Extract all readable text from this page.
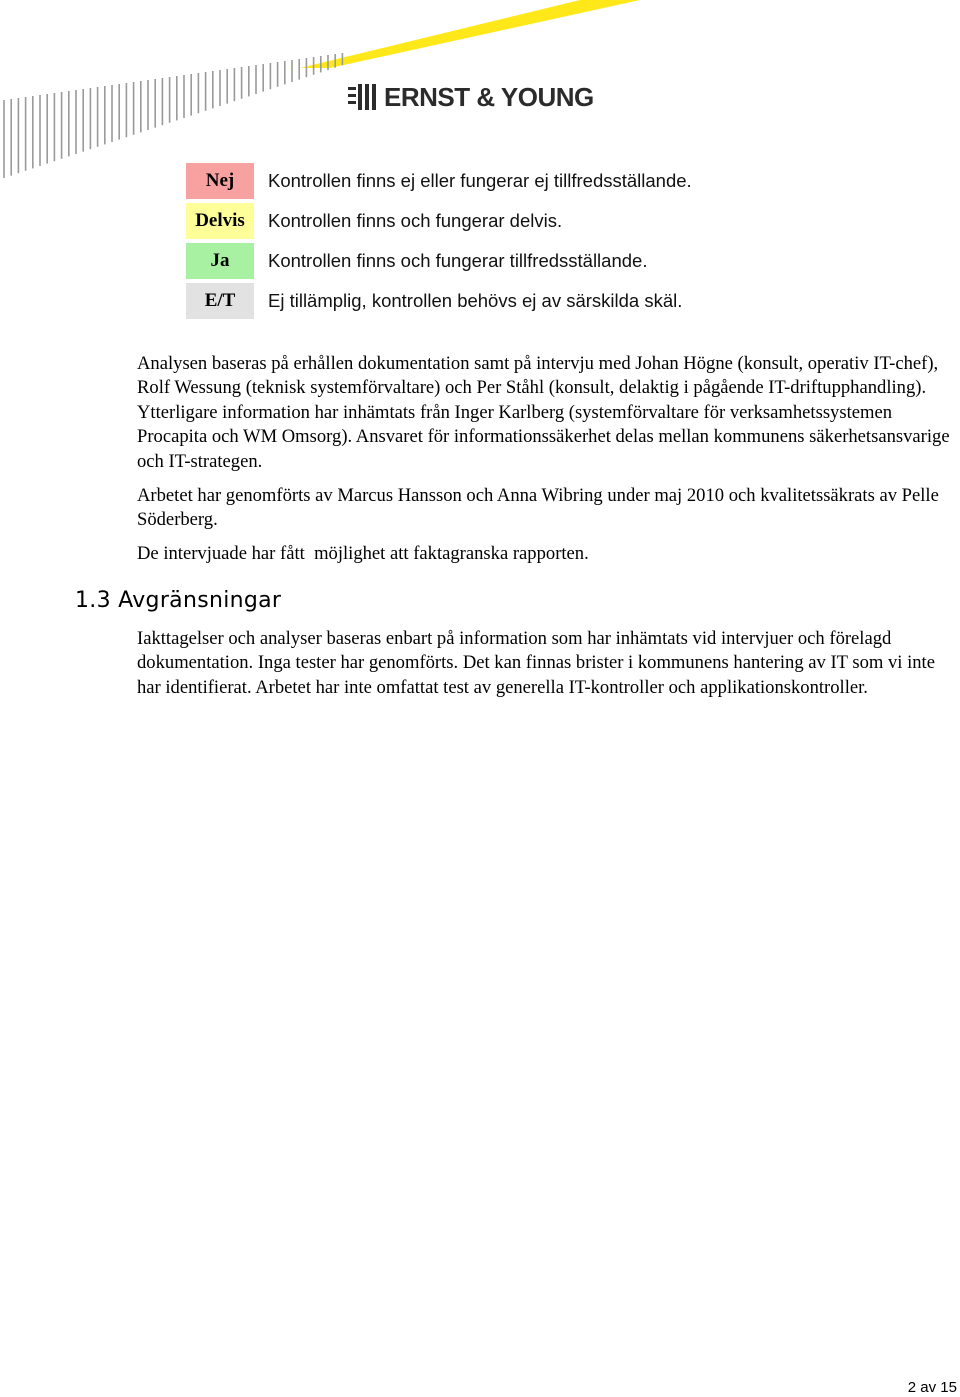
ERNST & YOUNG
Nej	Kontrollen finns ej eller fungerar ej tillfredsställande.
Delvis	Kontrollen finns och fungerar delvis.
Ja	Kontrollen finns och fungerar tillfredsställande.
E/T	Ej tillämplig, kontrollen behövs ej av särskilda skäl.

Analysen baseras på erhållen dokumentation samt på intervju med Johan Högne (konsult, operativ IT-chef), Rolf Wessung (teknisk systemförvaltare) och Per Ståhl (konsult, delaktig i pågående IT-driftupphandling). Ytterligare information har inhämtats från Inger Karlberg (systemförvaltare för verksamhetssystemen Procapita och WM Omsorg). Ansvaret för informationssäkerhet delas mellan kommunens säkerhetsansvarige och IT-strategen.

Arbetet har genomförts av Marcus Hansson och Anna Wibring under maj 2010 och kvalitetssäkrats av Pelle Söderberg.

De intervjuade har fått  möjlighet att faktagranska rapporten.

1.3 Avgränsningar

Iakttagelser och analyser baseras enbart på information som har inhämtats vid intervjuer och förelagd dokumentation. Inga tester har genomförts. Det kan finnas brister i kommunens hantering av IT som vi inte har identifierat. Arbetet har inte omfattat test av generella IT-kontroller och applikationskontroller.

2 av 15
